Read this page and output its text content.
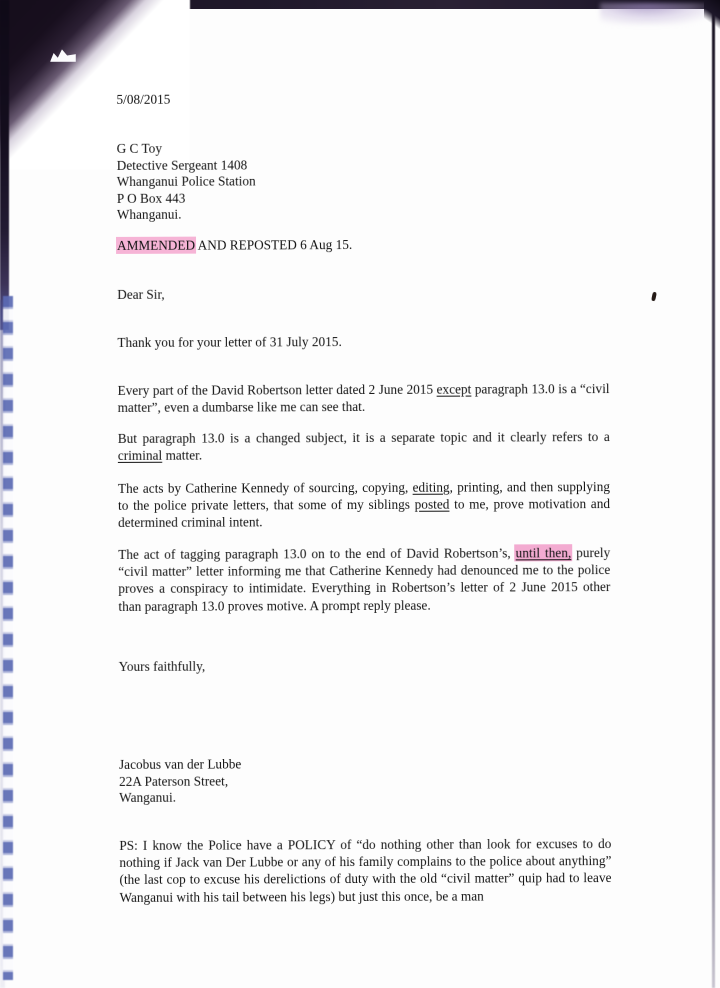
5/08/2015
G C Toy
Detective Sergeant 1408
Whanganui Police Station
P O Box 443
Whanganui.
AMMENDED AND REPOSTED 6 Aug 15.
Dear Sir,
Thank you for your letter of 31 July 2015.
Every part of the David Robertson letter dated 2 June 2015 except paragraph 13.0 is a “civil matter”, even a dumbarse like me can see that.
But paragraph 13.0 is a changed subject, it is a separate topic and it clearly refers to a criminal matter.
The acts by Catherine Kennedy of sourcing, copying, editing, printing, and then supplying to the police private letters, that some of my siblings posted to me, prove motivation and determined criminal intent.
The act of tagging paragraph 13.0 on to the end of David Robertson’s, until then, purely “civil matter” letter informing me that Catherine Kennedy had denounced me to the police proves a conspiracy to intimidate. Everything in Robertson’s letter of 2 June 2015 other than paragraph 13.0 proves motive. A prompt reply please.
Yours faithfully,
Jacobus van der Lubbe
22A Paterson Street,
Wanganui.
PS: I know the Police have a POLICY of “do nothing other than look for excuses to do nothing if Jack van Der Lubbe or any of his family complains to the police about anything” (the last cop to excuse his derelictions of duty with the old “civil matter” quip had to leave Wanganui with his tail between his legs) but just this once, be a man
